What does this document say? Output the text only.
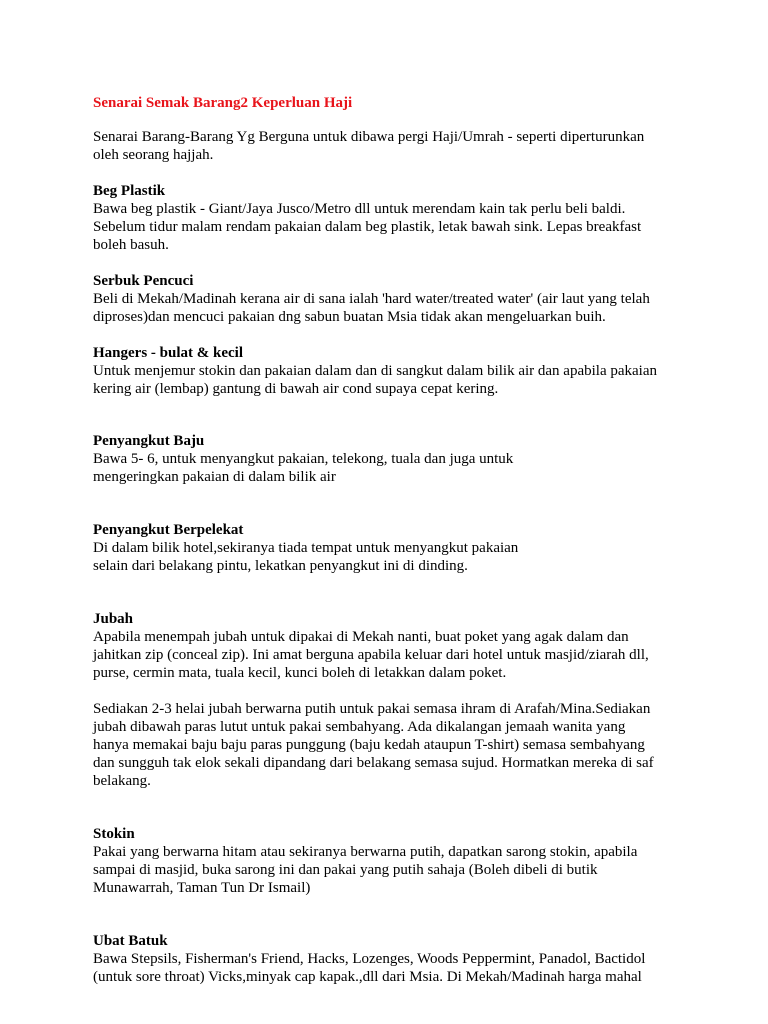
Senarai Semak Barang2 Keperluan Haji
Senarai Barang-Barang Yg Berguna untuk dibawa pergi Haji/Umrah - seperti diperturunkan
oleh seorang hajjah.
Beg Plastik
Bawa beg plastik - Giant/Jaya Jusco/Metro dll untuk merendam kain tak perlu beli baldi.
Sebelum tidur malam rendam pakaian dalam beg plastik, letak bawah sink. Lepas breakfast
boleh basuh.
Serbuk Pencuci
Beli di Mekah/Madinah kerana air di sana ialah 'hard water/treated water' (air laut yang telah
diproses)dan mencuci pakaian dng sabun buatan Msia tidak akan mengeluarkan buih.
Hangers - bulat & kecil
Untuk menjemur stokin dan pakaian dalam dan di sangkut dalam bilik air dan apabila pakaian
kering air (lembap) gantung di bawah air cond supaya cepat kering.
Penyangkut Baju
Bawa 5- 6, untuk menyangkut pakaian, telekong, tuala dan juga untuk
mengeringkan pakaian di dalam bilik air
Penyangkut Berpelekat
Di dalam bilik hotel,sekiranya tiada tempat untuk menyangkut pakaian
selain dari belakang pintu, lekatkan penyangkut ini di dinding.
Jubah
Apabila menempah jubah untuk dipakai di Mekah nanti, buat poket yang agak dalam dan
jahitkan zip (conceal zip). Ini amat berguna apabila keluar dari hotel untuk masjid/ziarah dll,
purse, cermin mata, tuala kecil, kunci boleh di letakkan dalam poket.
Sediakan 2-3 helai jubah berwarna putih untuk pakai semasa ihram di Arafah/Mina.Sediakan
jubah dibawah paras lutut untuk pakai sembahyang. Ada dikalangan jemaah wanita yang
hanya memakai baju baju paras punggung (baju kedah ataupun T-shirt) semasa sembahyang
dan sungguh tak elok sekali dipandang dari belakang semasa sujud. Hormatkan mereka di saf
belakang.
Stokin
Pakai yang berwarna hitam atau sekiranya berwarna putih, dapatkan sarong stokin, apabila
sampai di masjid, buka sarong ini dan pakai yang putih sahaja (Boleh dibeli di butik
Munawarrah, Taman Tun Dr Ismail)
Ubat Batuk
Bawa Stepsils, Fisherman's Friend, Hacks, Lozenges, Woods Peppermint, Panadol, Bactidol
(untuk sore throat) Vicks,minyak cap kapak.,dll dari Msia. Di Mekah/Madinah harga mahal
